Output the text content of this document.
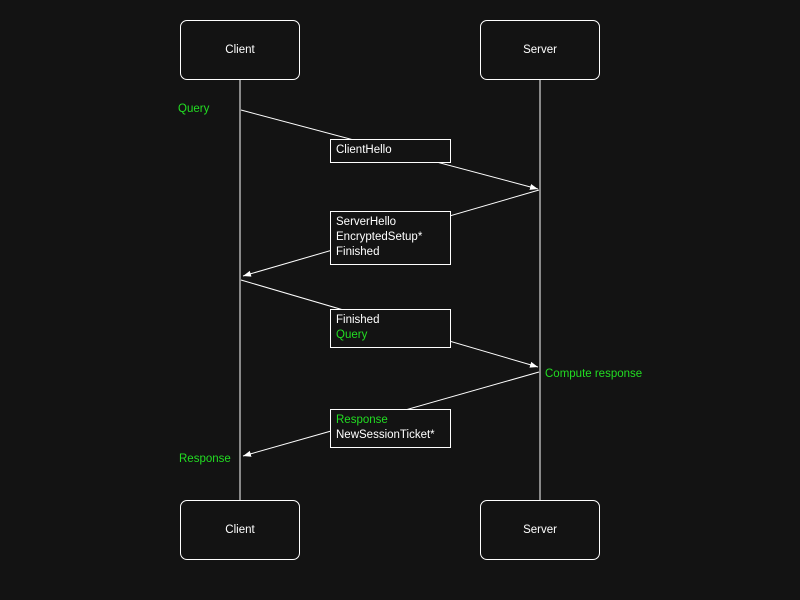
Client	Server
Client	Server
ClientHello
ServerHello
EncryptedSetup*
Finished
Finished
Query
Response
NewSessionTicket*
Query
Compute response
Response
